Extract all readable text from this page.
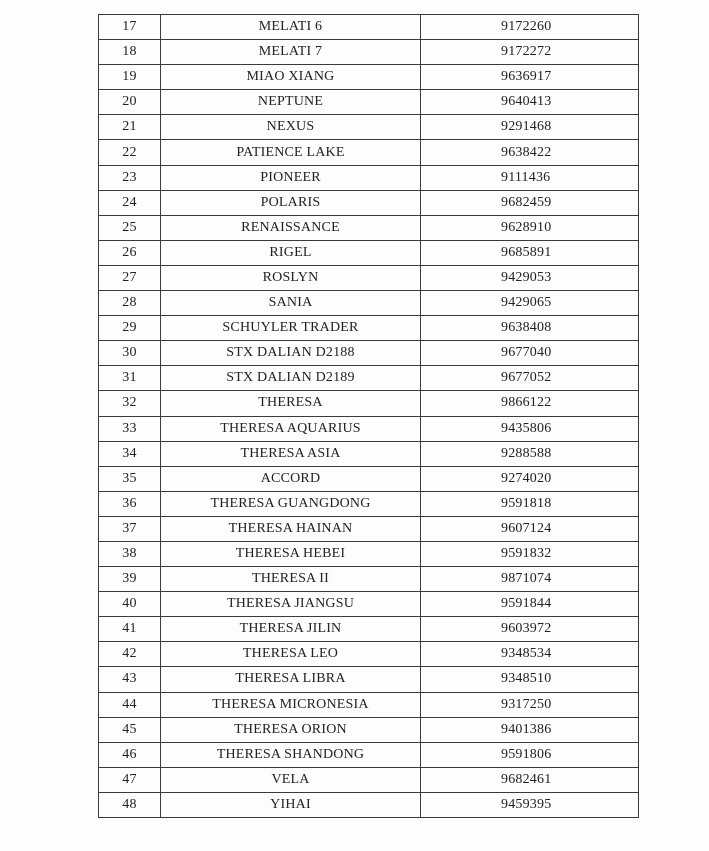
17	MELATI 6	9172260
18	MELATI 7	9172272
19	MIAO XIANG	9636917
20	NEPTUNE	9640413
21	NEXUS	9291468
22	PATIENCE LAKE	9638422
23	PIONEER	9111436
24	POLARIS	9682459
25	RENAISSANCE	9628910
26	RIGEL	9685891
27	ROSLYN	9429053
28	SANIA	9429065
29	SCHUYLER TRADER	9638408
30	STX DALIAN D2188	9677040
31	STX DALIAN D2189	9677052
32	THERESA	9866122
33	THERESA AQUARIUS	9435806
34	THERESA ASIA	9288588
35	ACCORD	9274020
36	THERESA GUANGDONG	9591818
37	THERESA HAINAN	9607124
38	THERESA HEBEI	9591832
39	THERESA II	9871074
40	THERESA JIANGSU	9591844
41	THERESA JILIN	9603972
42	THERESA LEO	9348534
43	THERESA LIBRA	9348510
44	THERESA MICRONESIA	9317250
45	THERESA ORION	9401386
46	THERESA SHANDONG	9591806
47	VELA	9682461
48	YIHAI	9459395
